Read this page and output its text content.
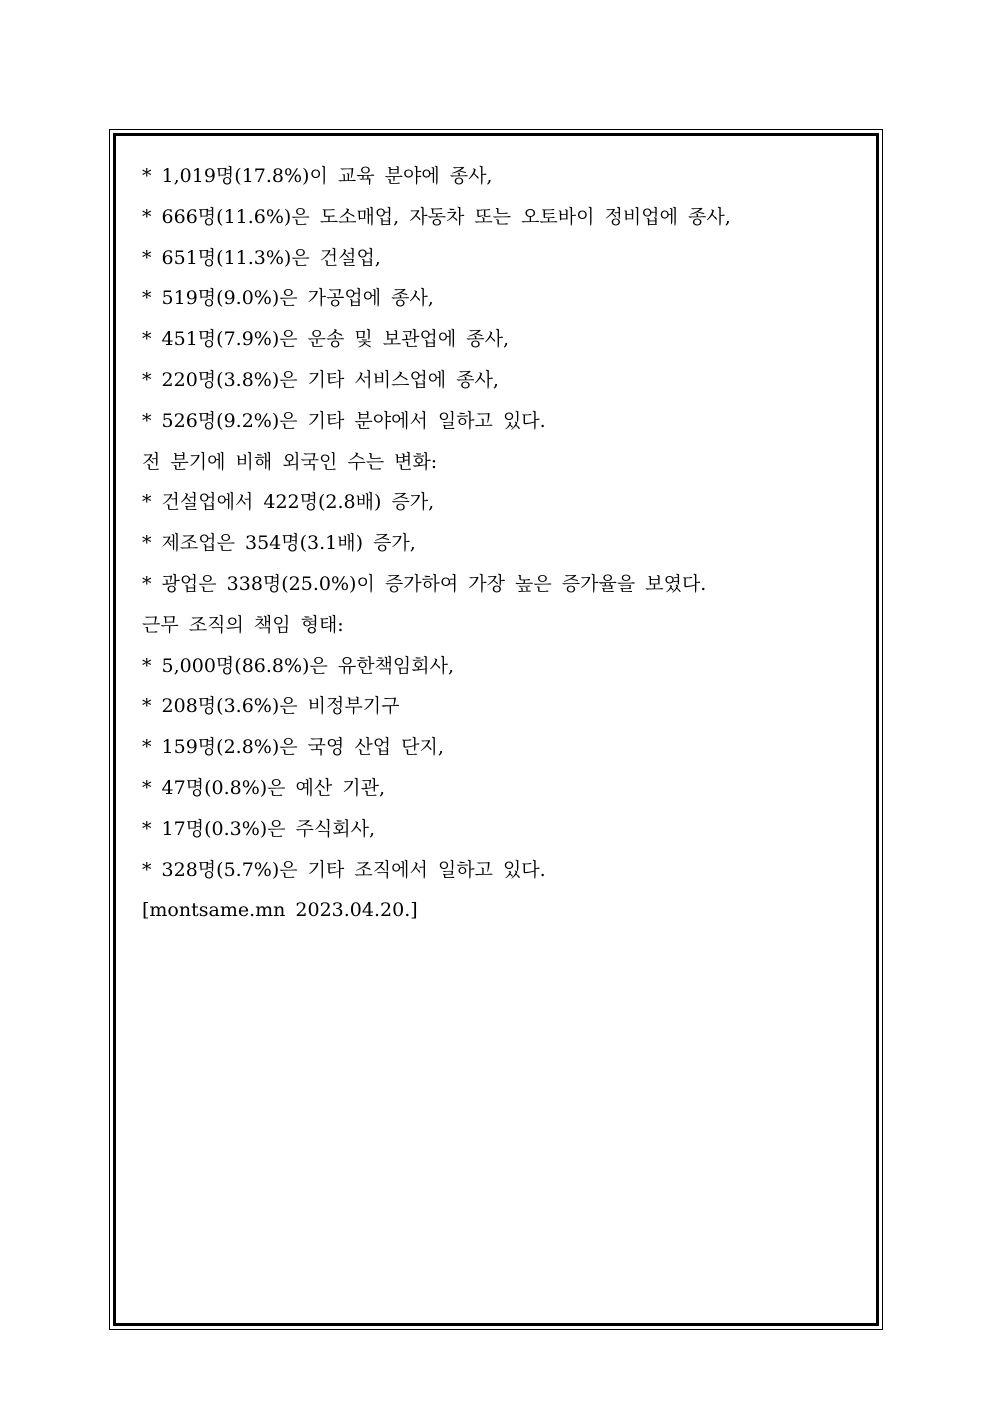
* 1,019명(17.8%)이 교육 분야에 종사,
* 666명(11.6%)은 도소매업, 자동차 또는 오토바이 정비업에 종사,
* 651명(11.3%)은 건설업,
* 519명(9.0%)은 가공업에 종사,
* 451명(7.9%)은 운송 및 보관업에 종사,
* 220명(3.8%)은 기타 서비스업에 종사,
* 526명(9.2%)은 기타 분야에서 일하고 있다.
전 분기에 비해 외국인 수는 변화:
* 건설업에서 422명(2.8배) 증가,
* 제조업은 354명(3.1배) 증가,
* 광업은 338명(25.0%)이 증가하여 가장 높은 증가율을 보였다.
근무 조직의 책임 형태:
* 5,000명(86.8%)은 유한책임회사,
* 208명(3.6%)은 비정부기구
* 159명(2.8%)은 국영 산업 단지,
* 47명(0.8%)은 예산 기관,
* 17명(0.3%)은 주식회사,
* 328명(5.7%)은 기타 조직에서 일하고 있다.
[montsame.mn 2023.04.20.]
